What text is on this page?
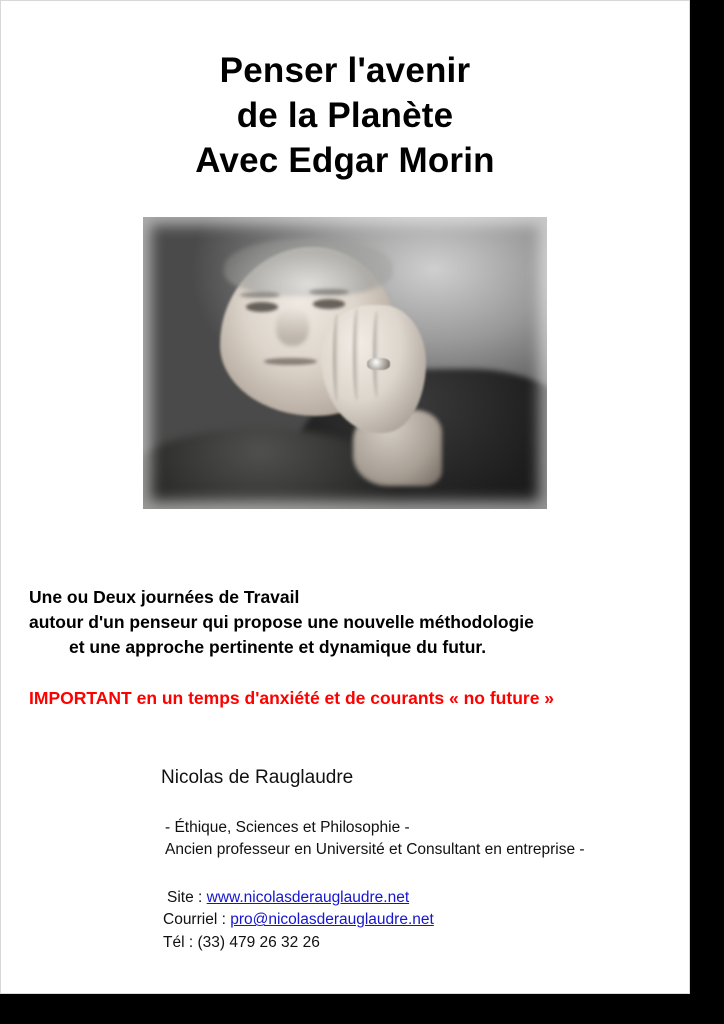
Penser l'avenir
de la Planète
Avec Edgar Morin
Une ou Deux journées de Travail
autour d'un penseur qui propose une nouvelle méthodologie
et une approche pertinente et dynamique du futur.
IMPORTANT en un temps d'anxiété et de courants « no future »
Nicolas de Rauglaudre
- Éthique, Sciences et Philosophie -
Ancien professeur en Université et Consultant en entreprise -
Site : www.nicolasderauglaudre.net
Courriel : pro@nicolasderauglaudre.net
Tél : (33) 479 26 32 26
